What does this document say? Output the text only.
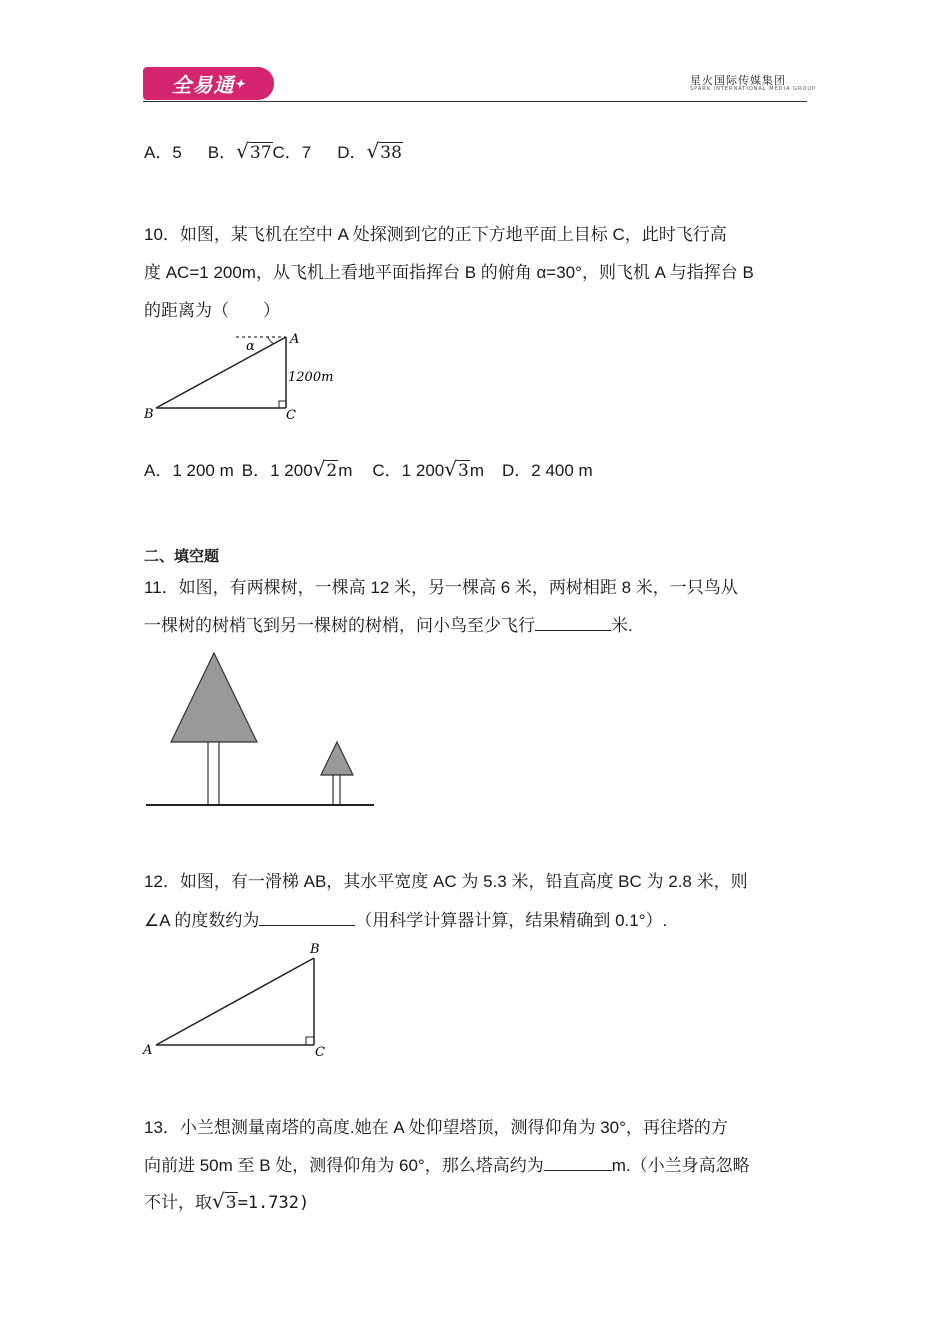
全易通 ✦	星火国际传媒集团
SPARK INTERNATIONAL MEDIA GROUP
A．5 B．√37C．7 D．√38
10．如图，某飞机在空中 A 处探测到它的正下方地平面上目标 C，此时飞行高
度 AC=1 200m，从飞机上看地平面指挥台 B 的俯角 α=30°，则飞机 A 与指挥台 B
的距离为（　　）
α	A
1200m
B	C
A．1 200 m B．1 200√2m C．1 200√3m D．2 400 m
二、填空题
11．如图，有两棵树，一棵高 12 米，另一棵高 6 米，两树相距 8 米，一只鸟从
一棵树的树梢飞到另一棵树的树梢，问小鸟至少飞行	米.
12．如图，有一滑梯 AB，其水平宽度 AC 为 5.3 米，铅直高度 BC 为 2.8 米，则
∠A 的度数约为	（用科学计算器计算，结果精确到 0.1°）.
B
A	C
13．小兰想测量南塔的高度.她在 A 处仰望塔顶，测得仰角为 30°，再往塔的方
向前进 50m 至 B 处，测得仰角为 60°，那么塔高约为	m.（小兰身高忽略
不计，取√3=1.732)
